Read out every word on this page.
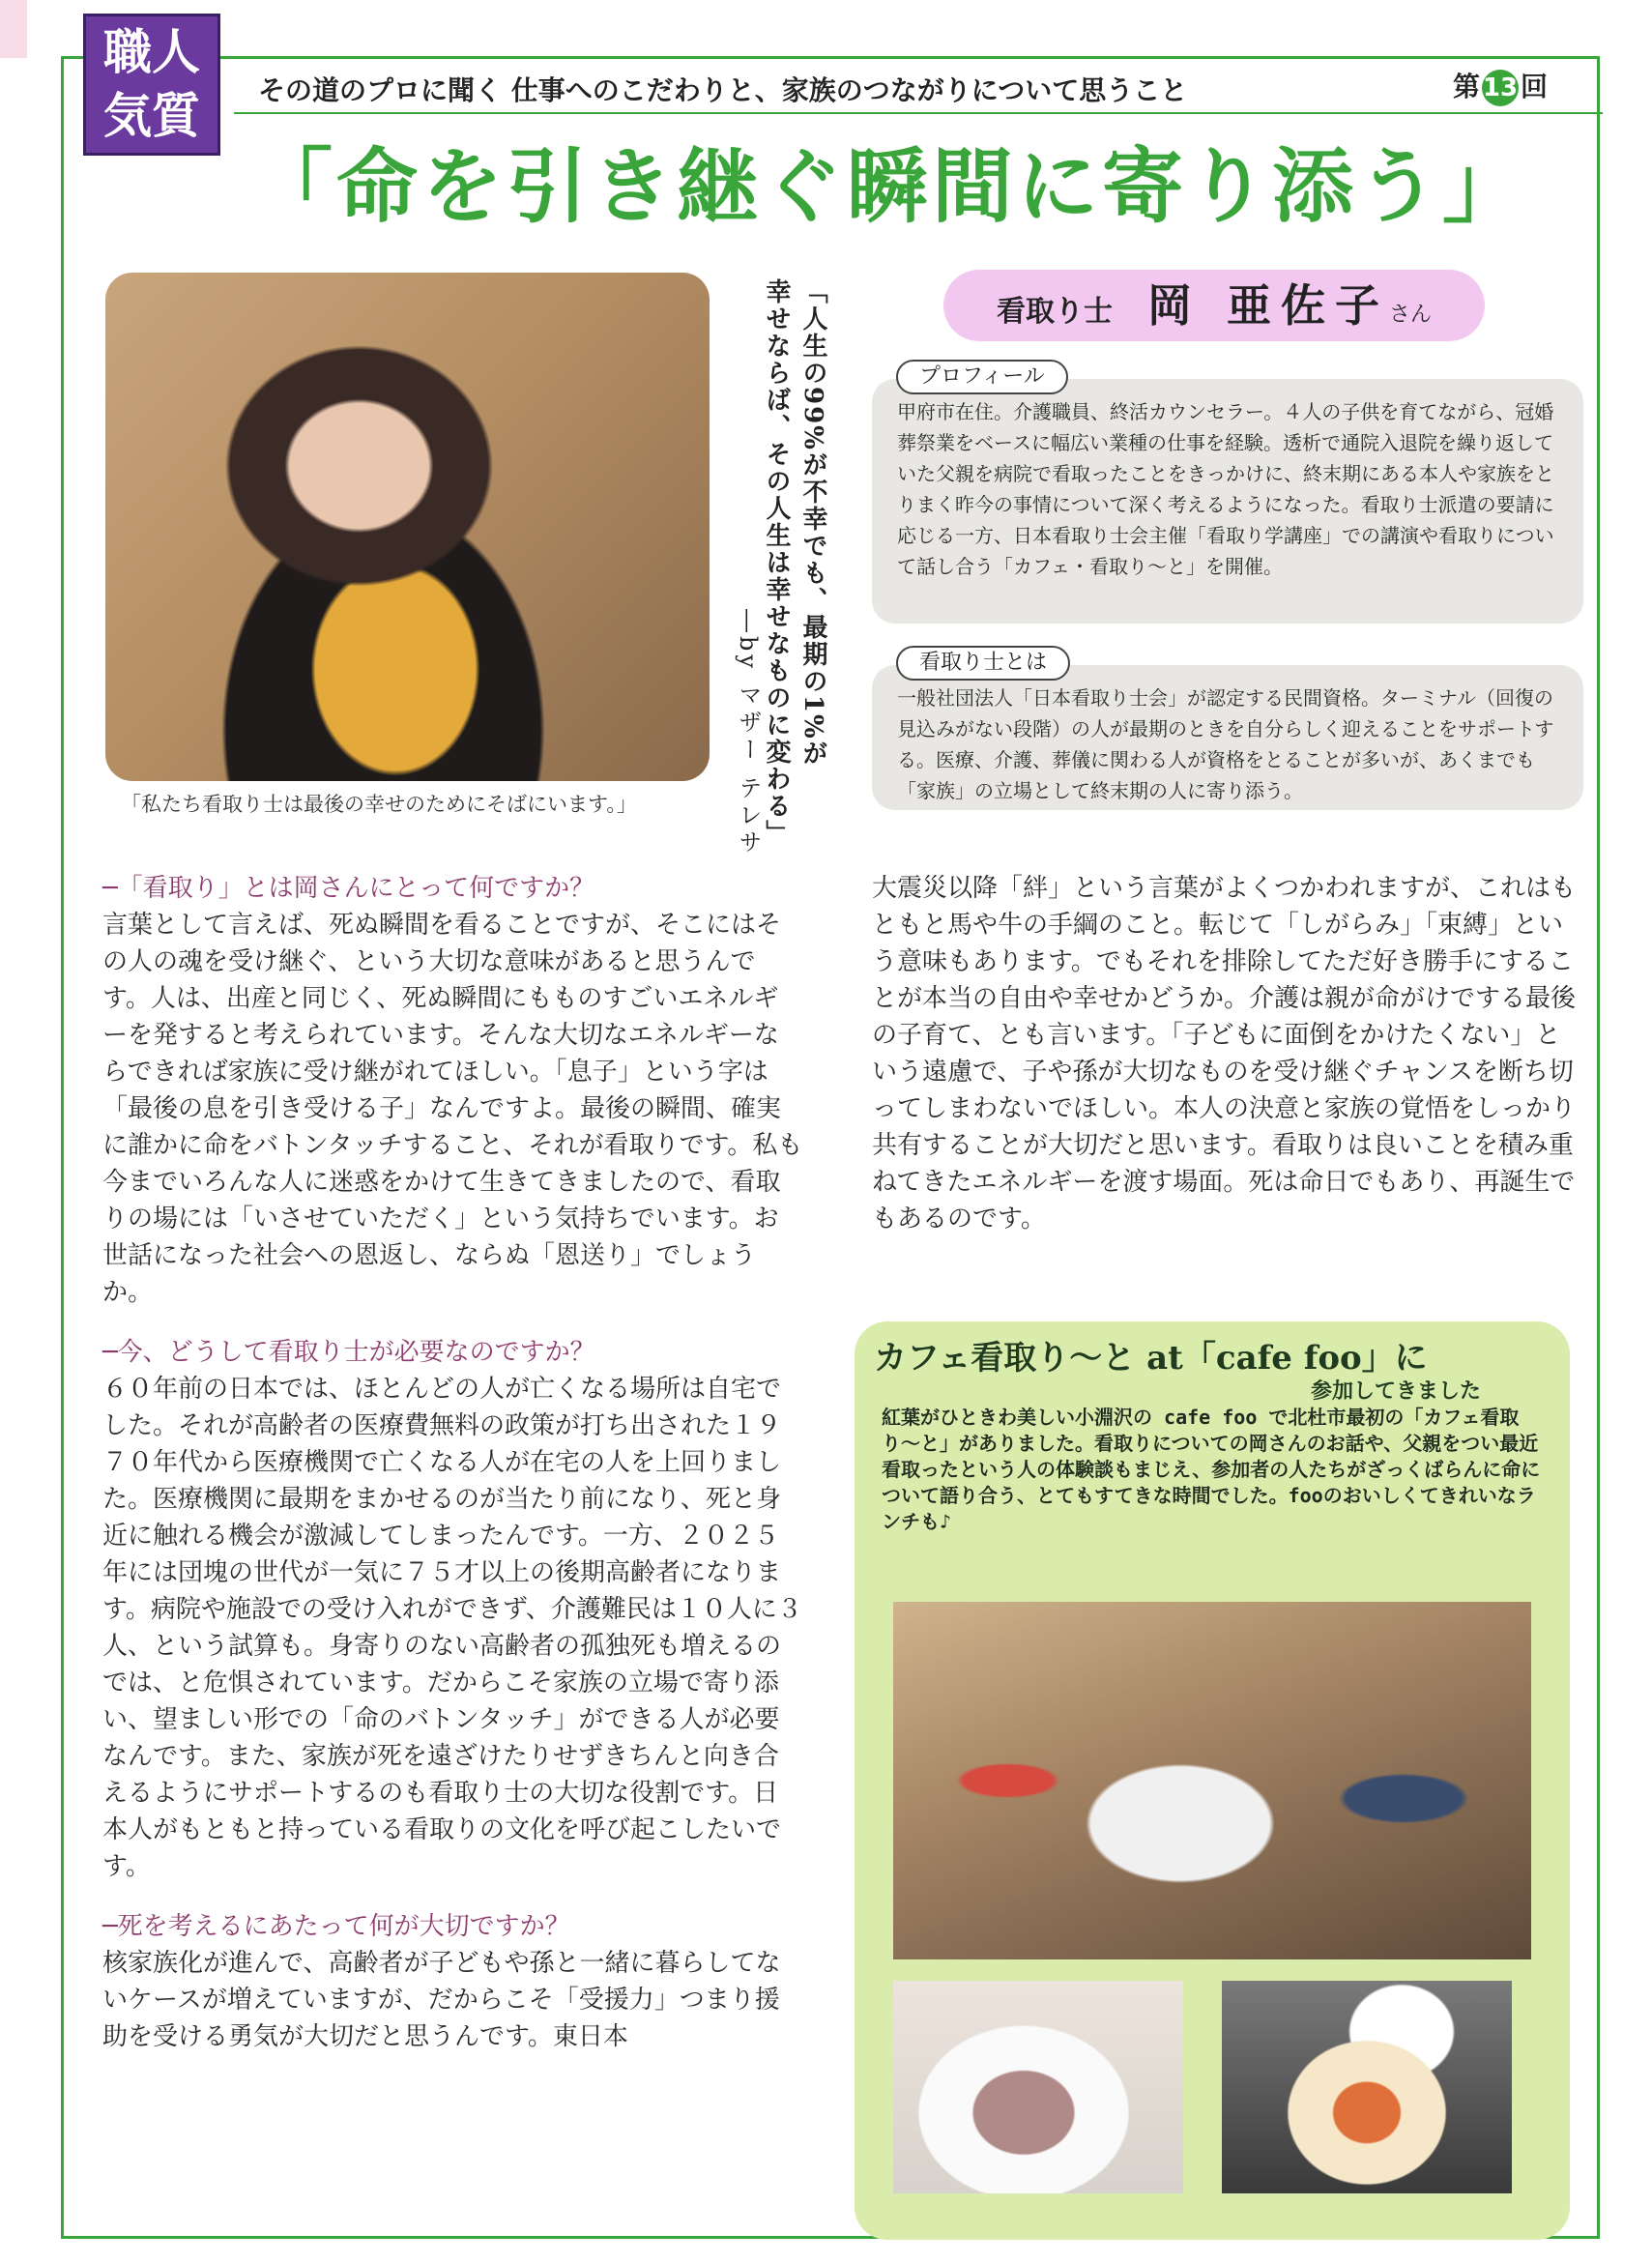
職人
気質	その道のプロに聞く 仕事へのこだわりと、家族のつながりについて思うこと	第 13 回
「命を引き継ぐ瞬間に寄り添う」
「私たち看取り士は最後の幸せのためにそばにいます。」
「人生の99%が不幸でも、最期の1%が
幸せならば、その人生は幸せなものに変わる」
―by マザー テレサ
看取り士 岡 亜佐子さん

甲府市在住。介護職員、終活カウンセラー。４人の子供を育てながら、冠婚葬祭業をベースに幅広い業種の仕事を経験。透析で通院入退院を繰り返していた父親を病院で看取ったことをきっかけに、終末期にある本人や家族をとりまく昨今の事情について深く考えるようになった。看取り士派遣の要請に応じる一方、日本看取り士会主催「看取り学講座」での講演や看取りについて話し合う「カフェ・看取り〜と」を開催。

プロフィール

一般社団法人「日本看取り士会」が認定する民間資格。ターミナル（回復の見込みがない段階）の人が最期のときを自分らしく迎えることをサポートする。医療、介護、葬儀に関わる人が資格をとることが多いが、あくまでも「家族」の立場として終末期の人に寄り添う。

看取り士とは

─「看取り」とは岡さんにとって何ですか？

言葉として言えば、死ぬ瞬間を看ることですが、そこにはその人の魂を受け継ぐ、という大切な意味があると思うんです。人は、出産と同じく、死ぬ瞬間にもものすごいエネルギーを発すると考えられています。そんな大切なエネルギーならできれば家族に受け継がれてほしい。「息子」という字は「最後の息を引き受ける子」なんですよ。最後の瞬間、確実に誰かに命をバトンタッチすること、それが看取りです。私も今までいろんな人に迷惑をかけて生きてきましたので、看取りの場には「いさせていただく」という気持ちでいます。お世話になった社会への恩返し、ならぬ「恩送り」でしょうか。

─今、どうして看取り士が必要なのですか？

６０年前の日本では、ほとんどの人が亡くなる場所は自宅でした。それが高齢者の医療費無料の政策が打ち出された１９７０年代から医療機関で亡くなる人が在宅の人を上回りました。医療機関に最期をまかせるのが当たり前になり、死と身近に触れる機会が激減してしまったんです。一方、２０２５年には団塊の世代が一気に７５才以上の後期高齢者になります。病院や施設での受け入れができず、介護難民は１０人に３人、という試算も。身寄りのない高齢者の孤独死も増えるのでは、と危惧されています。だからこそ家族の立場で寄り添い、望ましい形での「命のバトンタッチ」ができる人が必要なんです。また、家族が死を遠ざけたりせずきちんと向き合えるようにサポートするのも看取り士の大切な役割です。日本人がもともと持っている看取りの文化を呼び起こしたいです。

─死を考えるにあたって何が大切ですか？

核家族化が進んで、高齢者が子どもや孫と一緒に暮らしてないケースが増えていますが、だからこそ「受援力」つまり援助を受ける勇気が大切だと思うんです。東日本

大震災以降「絆」という言葉がよくつかわれますが、これはもともと馬や牛の手綱のこと。転じて「しがらみ」「束縛」という意味もあります。でもそれを排除してただ好き勝手にすることが本当の自由や幸せかどうか。介護は親が命がけでする最後の子育て、とも言います。「子どもに面倒をかけたくない」という遠慮で、子や孫が大切なものを受け継ぐチャンスを断ち切ってしまわないでほしい。本人の決意と家族の覚悟をしっかり共有することが大切だと思います。看取りは良いことを積み重ねてきたエネルギーを渡す場面。死は命日でもあり、再誕生でもあるのです。

カフェ看取り〜と at「cafe foo」に
参加してきました
紅葉がひときわ美しい小淵沢の cafe foo で北杜市最初の「カフェ看取り〜と」がありました。看取りについての岡さんのお話や、父親をつい最近看取ったという人の体験談もまじえ、参加者の人たちがざっくばらんに命について語り合う、とてもすてきな時間でした。fooのおいしくてきれいなランチも♪
